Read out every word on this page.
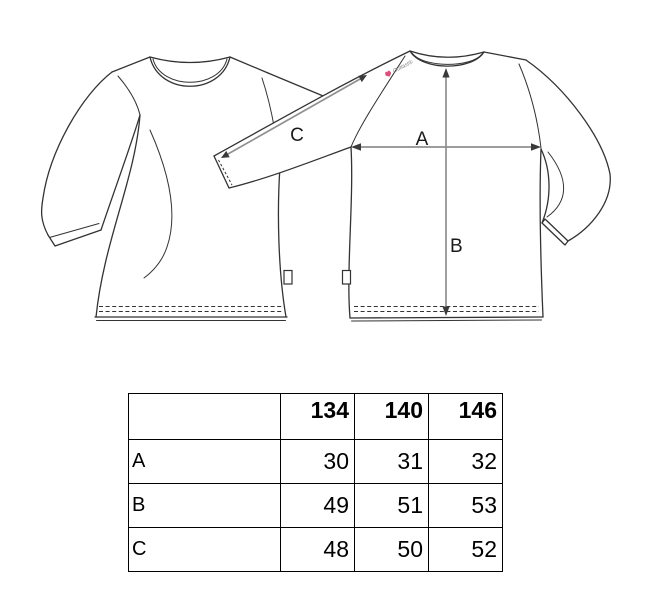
A
B
C
Outlast®
	134	140	146
A	30	31	32
B	49	51	53
C	48	50	52
